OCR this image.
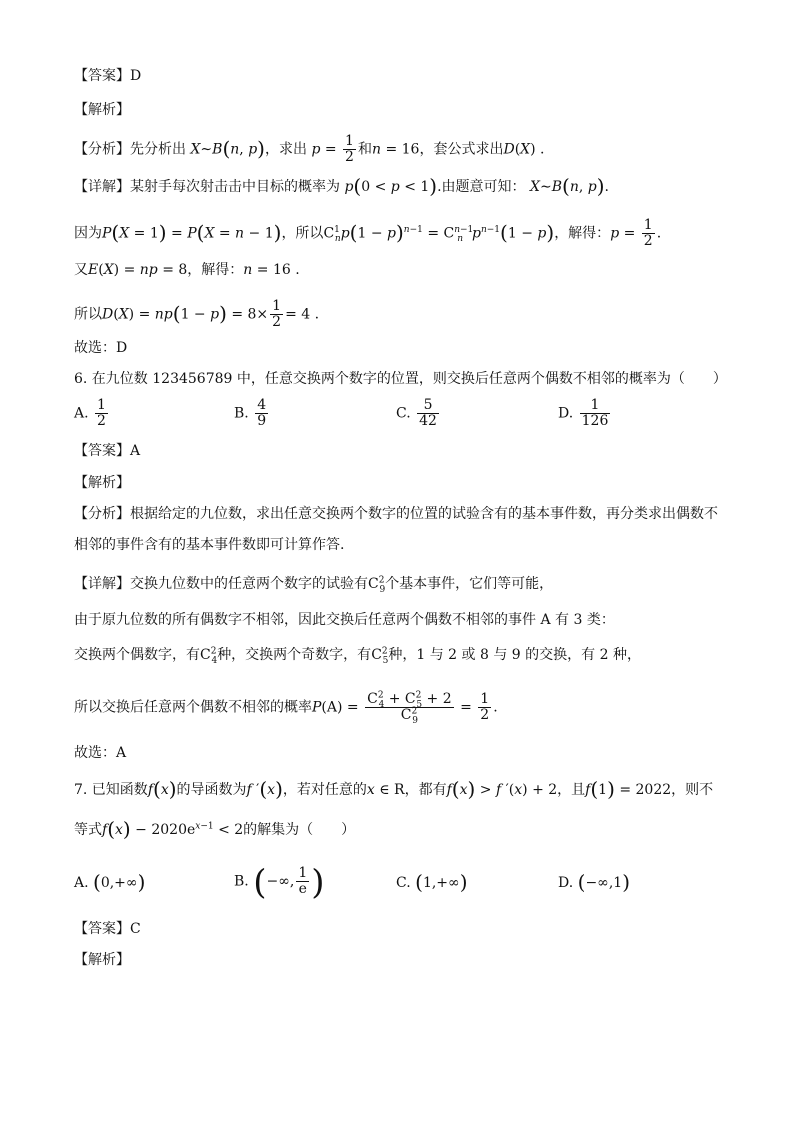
【答案】D
【解析】
【分析】先分析出 X∼B(n, p)，求出 $p = \frac{1}{2}$ 和n = 16，套公式求出D(X) .
【详解】某射手每次射击击中目标的概率为 p(0 < p < 1).由题意可知： X∼B(n, p).
因为P(X = 1) = P(X = n − 1)，所以$C^1_np(1 - p)^{n-1} = C^{n-1}_n$ $p^{n-1}(1 - p)$，解得：$p = \frac{1}{2}$ .
又E(X) = np = 8，解得：n = 16 .
所以$D(X) = np(1 - p) = 8\times \frac{1}{2} = 4$ .
故选：D
6. 在九位数 123456789 中，任意交换两个数字的位置，则交换后任意两个偶数不相邻的概率为（　　）
A. $\frac{1}{2}$	B. $\frac{4}{9}$	C. $\frac{5}{42}$	D. $\frac{1}{126}$
【答案】A
【解析】
【分析】根据给定的九位数，求出任意交换两个数字的位置的试验含有的基本事件数，再分类求出偶数不
相邻的事件含有的基本事件数即可计算作答.
【详解】交换九位数中的任意两个数字的试验有$C^2_9$个基本事件，它们等可能，
由于原九位数的所有偶数字不相邻，因此交换后任意两个偶数不相邻的事件 A 有 3 类：
交换两个偶数字，有$C^2_4$种，交换两个奇数字，有$C^2_5$种，1 与 2 或 8 与 9 的交换，有 2 种，
所以交换后任意两个偶数不相邻的概率$P(A) = \frac{C^2_4 + C^2_5 + 2}{C^2_9} = \frac{1}{2}$ .
故选：A
7. 已知函数f(x)的导函数为f ′(x)，若对任意的x ∈ R，都有f(x) > f ′(x) + 2，且f(1) = 2022，则不
等式$f(x) - 2020e^{x-1} < 2$的解集为（　　）
A. (0,+∞)	B. (−∞, $\frac{1}{e}$ )	C. (1,+∞)	D. (−∞,1)
【答案】C
【解析】
